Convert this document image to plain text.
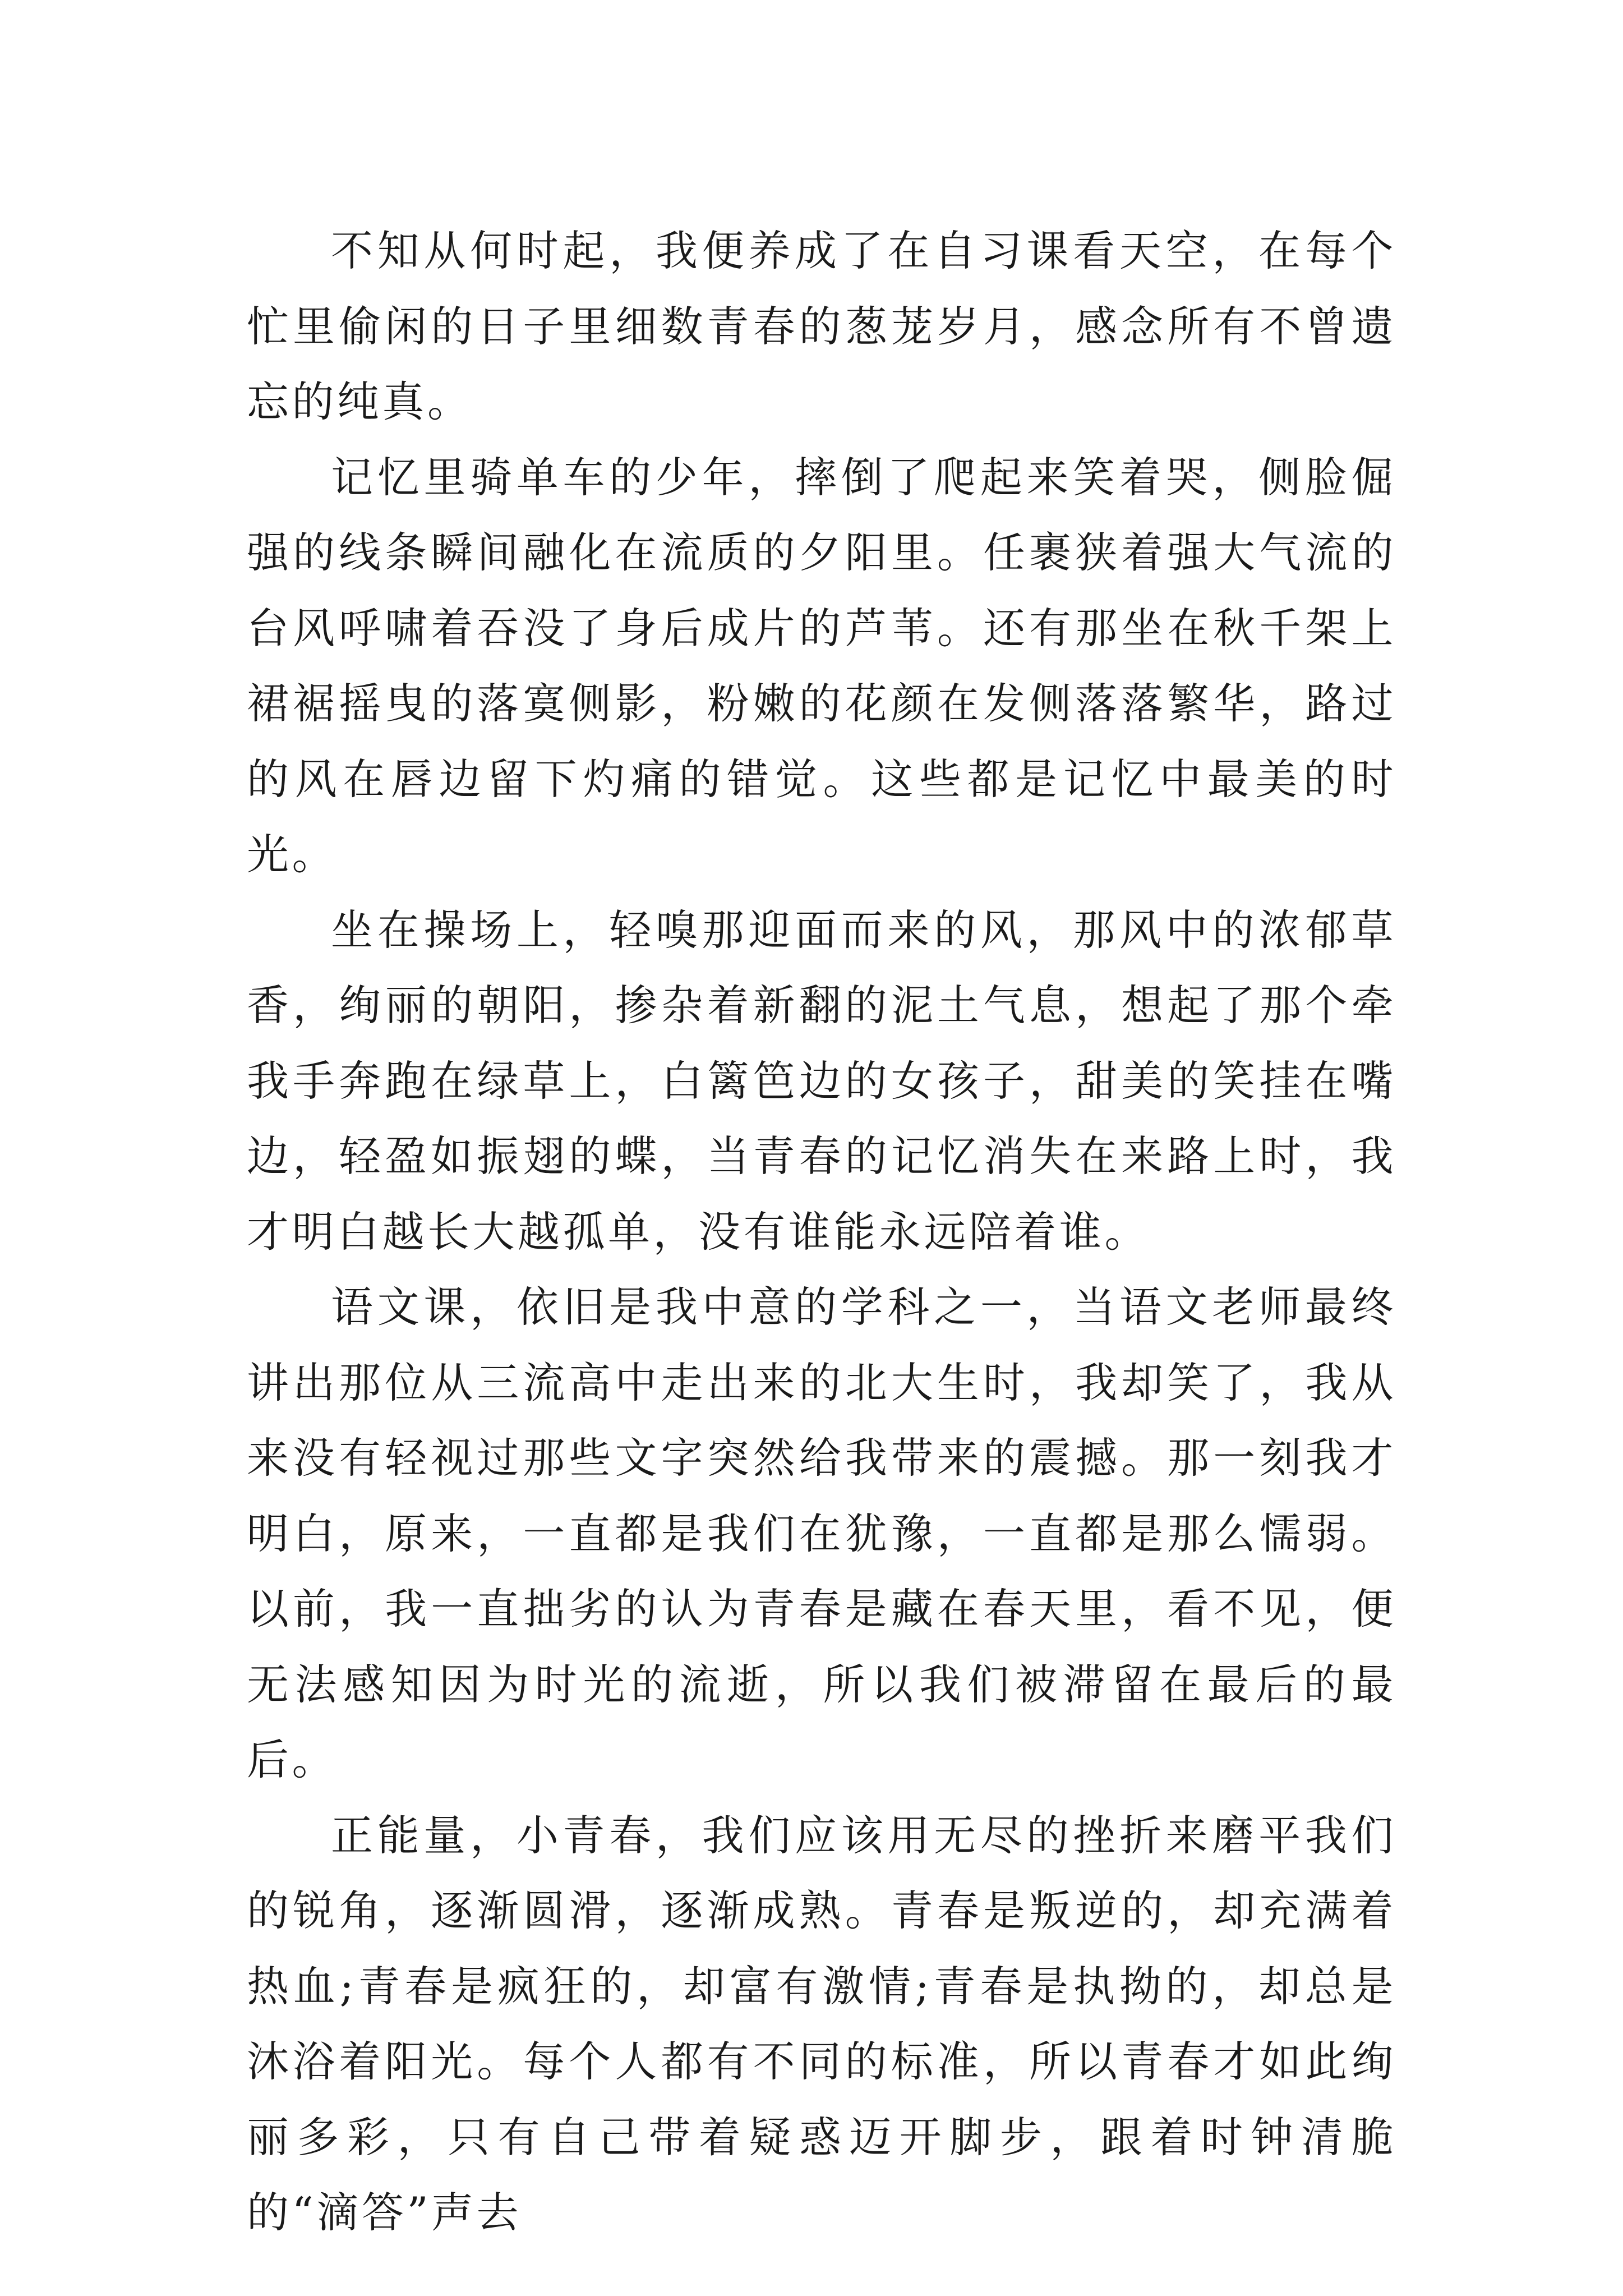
不知从何时起，我便养成了在自习课看天空，在每个忙里偷闲的日子里细数青春的葱茏岁月，感念所有不曾遗忘的纯真。

记忆里骑单车的少年，摔倒了爬起来笑着哭，侧脸倔强的线条瞬间融化在流质的夕阳里。任裹狭着强大气流的台风呼啸着吞没了身后成片的芦苇。还有那坐在秋千架上裙裾摇曳的落寞侧影，粉嫩的花颜在发侧落落繁华，路过的风在唇边留下灼痛的错觉。这些都是记忆中最美的时光。

坐在操场上，轻嗅那迎面而来的风，那风中的浓郁草香，绚丽的朝阳，掺杂着新翻的泥土气息，想起了那个牵我手奔跑在绿草上，白篱笆边的女孩子，甜美的笑挂在嘴边，轻盈如振翅的蝶，当青春的记忆消失在来路上时，我才明白越长大越孤单，没有谁能永远陪着谁。

语文课，依旧是我中意的学科之一，当语文老师最终讲出那位从三流高中走出来的北大生时，我却笑了，我从来没有轻视过那些文字突然给我带来的震撼。那一刻我才明白，原来，一直都是我们在犹豫，一直都是那么懦弱。以前，我一直拙劣的认为青春是藏在春天里，看不见，便无法感知因为时光的流逝，所以我们被滞留在最后的最后。

正能量，小青春，我们应该用无尽的挫折来磨平我们的锐角，逐渐圆滑，逐渐成熟。青春是叛逆的，却充满着热血;青春是疯狂的，却富有激情;青春是执拗的，却总是沐浴着阳光。每个人都有不同的标准，所以青春才如此绚丽多彩，只有自己带着疑惑迈开脚步，跟着时钟清脆的“滴答”声去
